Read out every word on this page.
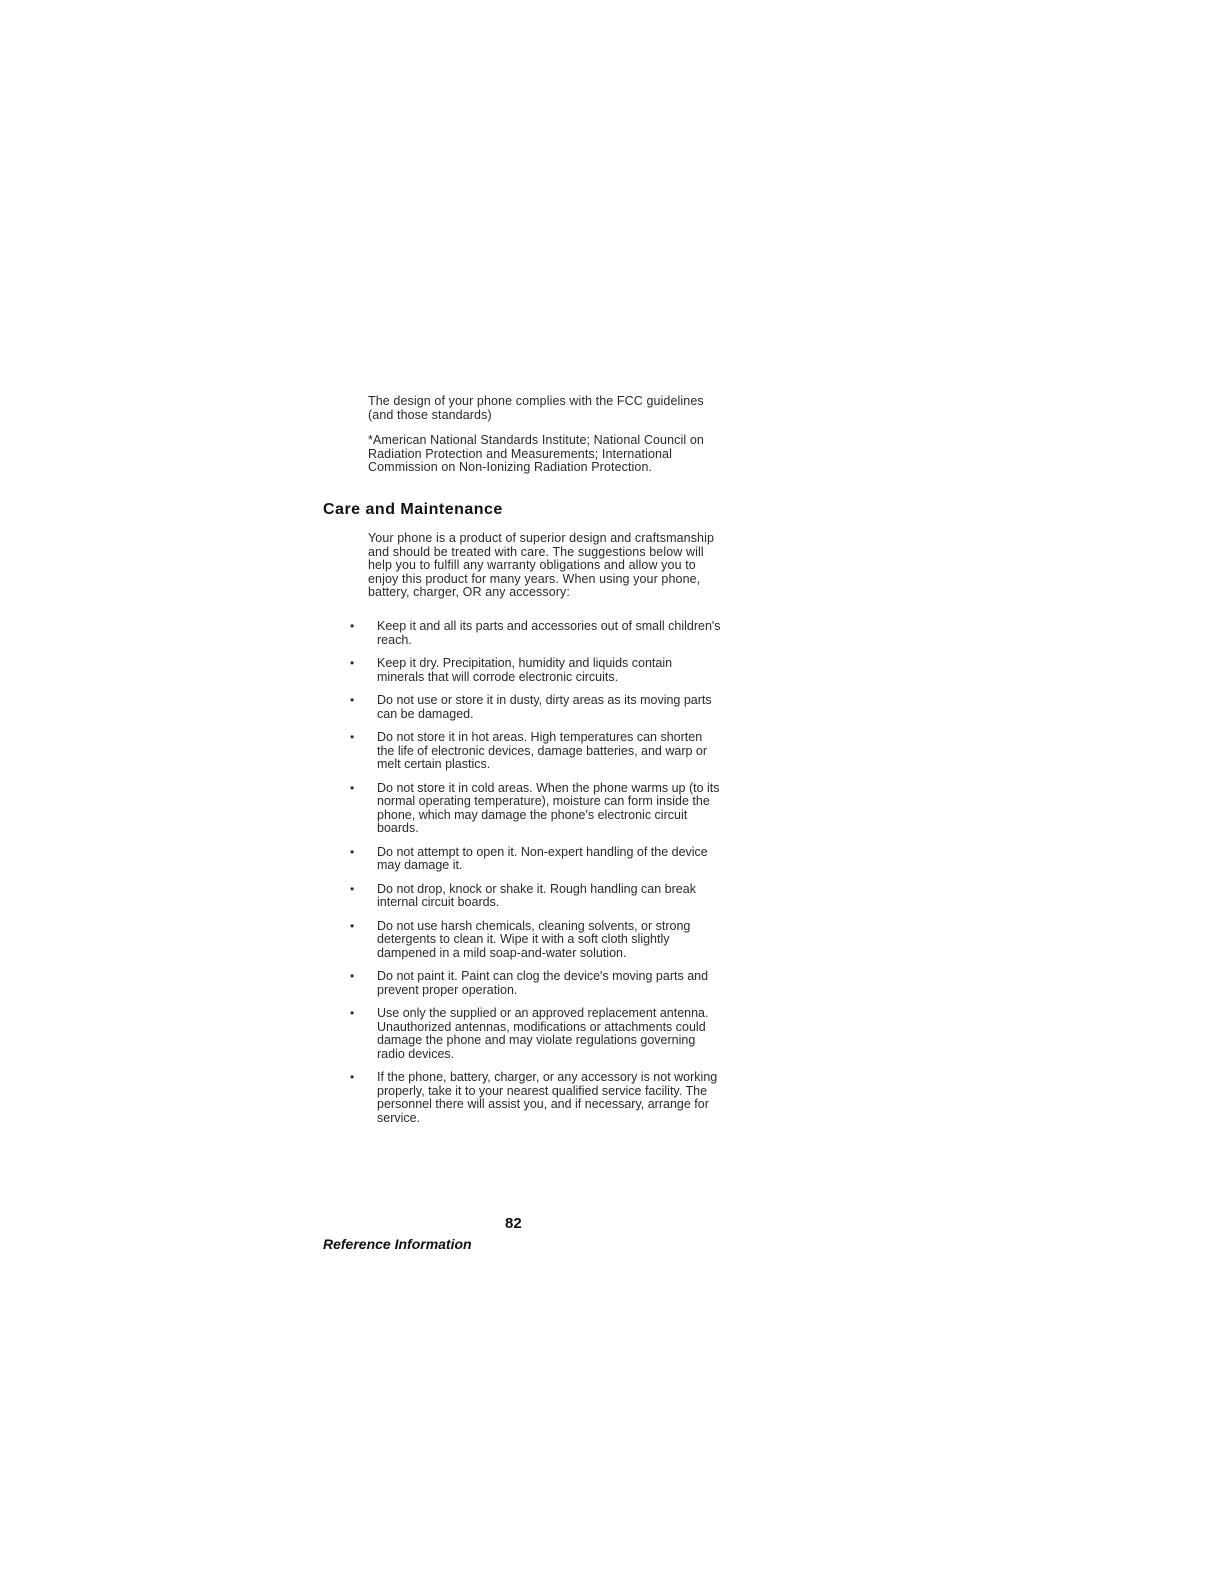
The design of your phone complies with the FCC guidelines (and those standards)

*American National Standards Institute; National Council on Radiation Protection and Measurements; International Commission on Non-Ionizing Radiation Protection.

Care and Maintenance

Your phone is a product of superior design and craftsmanship and should be treated with care. The suggestions below will help you to fulfill any warranty obligations and allow you to enjoy this product for many years. When using your phone, battery, charger, OR any accessory:

• Keep it and all its parts and accessories out of small children's reach.
• Keep it dry. Precipitation, humidity and liquids contain minerals that will corrode electronic circuits.
• Do not use or store it in dusty, dirty areas as its moving parts can be damaged.
• Do not store it in hot areas. High temperatures can shorten the life of electronic devices, damage batteries, and warp or melt certain plastics.
• Do not store it in cold areas. When the phone warms up (to its normal operating temperature), moisture can form inside the phone, which may damage the phone's electronic circuit boards.
• Do not attempt to open it. Non-expert handling of the device may damage it.
• Do not drop, knock or shake it. Rough handling can break internal circuit boards.
• Do not use harsh chemicals, cleaning solvents, or strong detergents to clean it. Wipe it with a soft cloth slightly dampened in a mild soap-and-water solution.
• Do not paint it. Paint can clog the device's moving parts and prevent proper operation.
• Use only the supplied or an approved replacement antenna. Unauthorized antennas, modifications or attachments could damage the phone and may violate regulations governing radio devices.
• If the phone, battery, charger, or any accessory is not working properly, take it to your nearest qualified service facility. The personnel there will assist you, and if necessary, arrange for service.
82
Reference Information
